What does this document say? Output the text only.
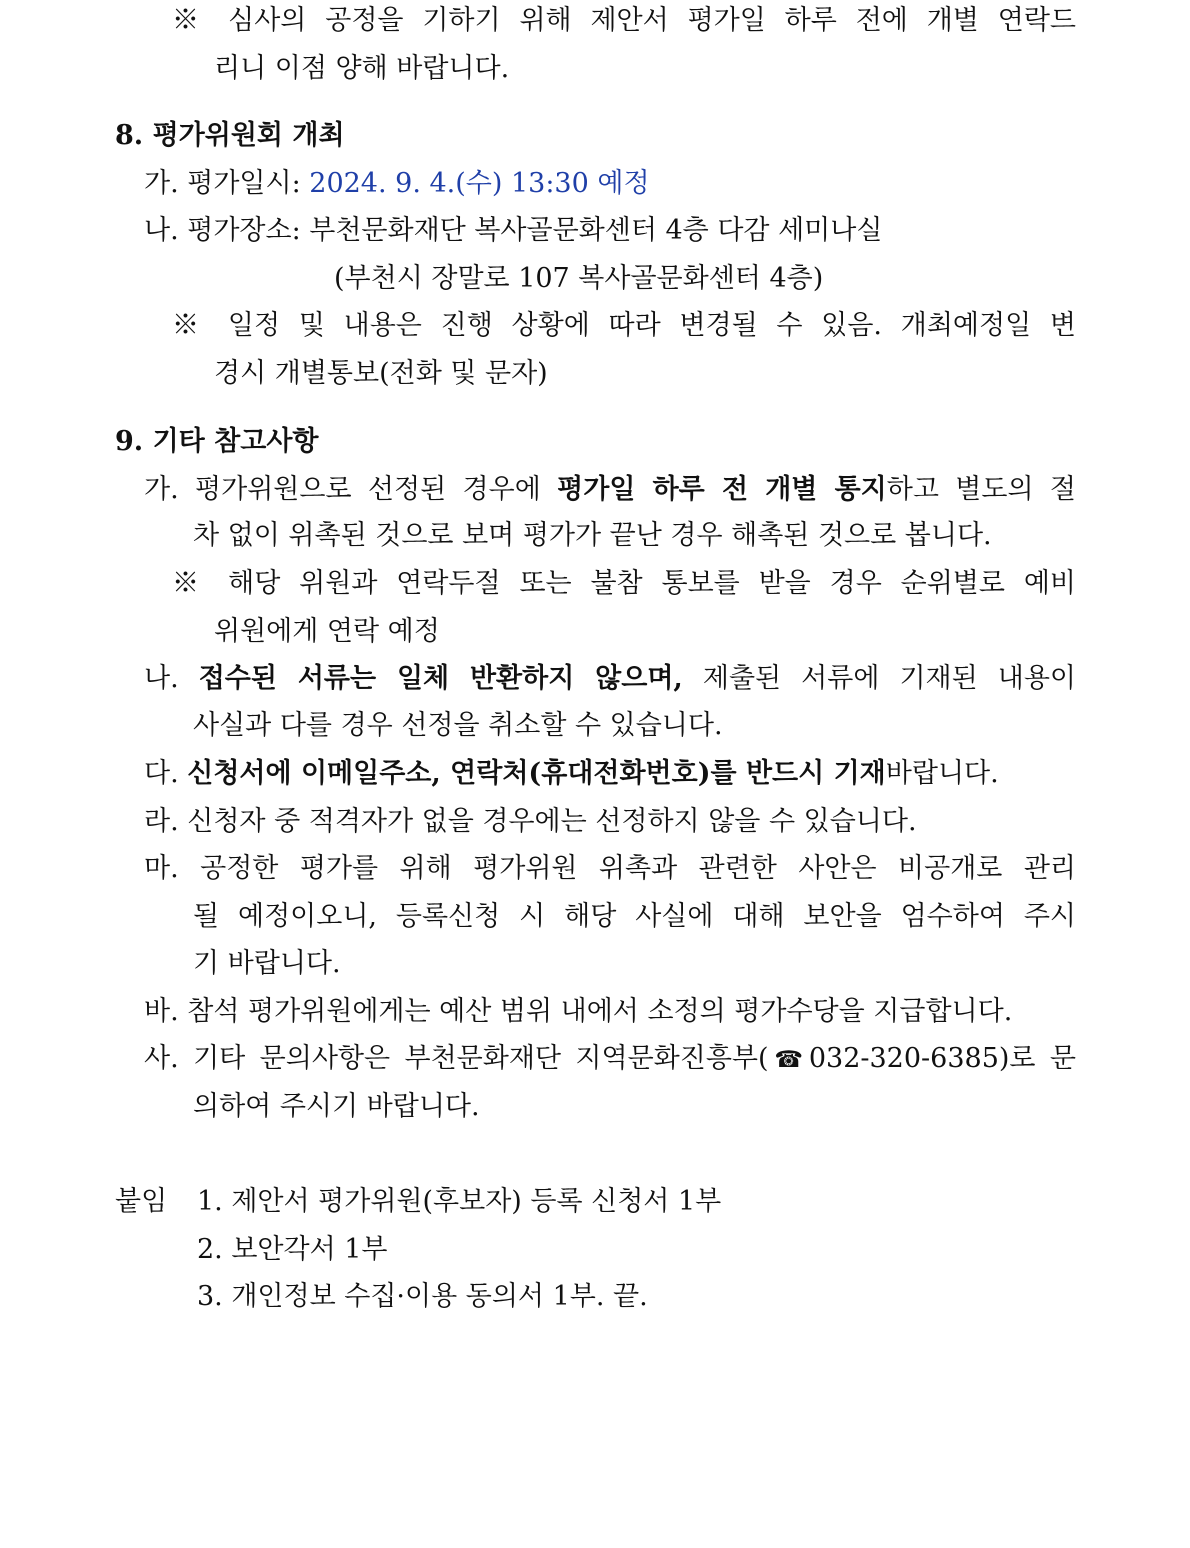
※ 심사의 공정을 기하기 위해 제안서 평가일 하루 전에 개별 연락드
리니 이점 양해 바랍니다.
8. 평가위원회 개최
가. 평가일시: 2024. 9. 4.(수) 13:30 예정
나. 평가장소: 부천문화재단 복사골문화센터 4층 다감 세미나실
(부천시 장말로 107 복사골문화센터 4층)
※ 일정 및 내용은 진행 상황에 따라 변경될 수 있음. 개최예정일 변
경시 개별통보(전화 및 문자)
9. 기타 참고사항
가. 평가위원으로 선정된 경우에 평가일 하루 전 개별 통지하고 별도의 절
차 없이 위촉된 것으로 보며 평가가 끝난 경우 해촉된 것으로 봅니다.
※ 해당 위원과 연락두절 또는 불참 통보를 받을 경우 순위별로 예비
위원에게 연락 예정
나. 접수된 서류는 일체 반환하지 않으며, 제출된 서류에 기재된 내용이
사실과 다를 경우 선정을 취소할 수 있습니다.
다. 신청서에 이메일주소, 연락처(휴대전화번호)를 반드시 기재바랍니다.
라. 신청자 중 적격자가 없을 경우에는 선정하지 않을 수 있습니다.
마. 공정한 평가를 위해 평가위원 위촉과 관련한 사안은 비공개로 관리
될 예정이오니, 등록신청 시 해당 사실에 대해 보안을 엄수하여 주시
기 바랍니다.
바. 참석 평가위원에게는 예산 범위 내에서 소정의 평가수당을 지급합니다.
사. 기타 문의사항은 부천문화재단 지역문화진흥부(☎032-320-6385)로 문
의하여 주시기 바랍니다.
붙임 1. 제안서 평가위원(후보자) 등록 신청서 1부
2. 보안각서 1부
3. 개인정보 수집·이용 동의서 1부. 끝.
